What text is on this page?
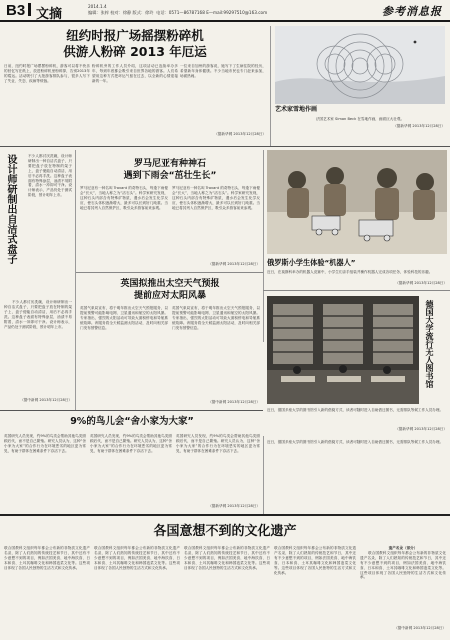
B3 文摘
2014.1.4
编辑：张梓 校对：徐静 版式：徐玲 电话：0571—86787168 E—mail:99297510@163.com	参考消息报
纽约时报广场摇摆粉碎机
供游人粉碎 2013 年厄运
日前，纽约时报广场摆摆粉碎机，游客可以将不快乐的回忆写在纸上，放进粉碎机里粉碎掉，告别2013年的霉运。活动吸引了大批游客排队参与，很多人写下了失业、失恋、疾病等烦恼。
粉碎机旁的工作人员介绍，这项活动已连续举办多年，每到年底都会吸引来自世界各地的游客。人们希望用这种方式把坏运气留在过去，以全新的心情迎接新的一年。
一位来自加州的游客说，她写下了生病住院的经历，希望新年身体健康。不少当地市民也专门赶来参加，场面热闹。
（据新华网 2013年12月28日）
艺术家雪地作画
法国艺术家 Simon Beck 在雪地作画，画面巨大壮观。
（据新华网 2013年12月28日）
设计师研制出自洁式盘子	不少人都讨厌洗碗，设计师研制出一种自洁式盘子，只要把盘子放在特制的架子上，盘子便能自动清洁，用后不必再手洗。这种盘子表面有特殊涂层，油渍不易附着，清水一冲即可干净。设计师表示，产品仍处于测试阶段，预计明年上市。

不少人都讨厌洗碗，设计师研制出一种自洁式盘子，只要把盘子放在特制的架子上，盘子便能自动清洁，用后不必再手洗。这种盘子表面有特殊涂层，油渍不易附着，清水一冲即可干净。设计师表示，产品仍处于测试阶段，预计明年上市。

（据中新网 2013年12月28日）
罗马尼亚有种神石
遇到下雨会“茁壮生长”
罗马尼亚有一种名叫 Trovant 的奇特石头，每逢下雨便会“长大”，当地人称之为“活石头”。科学家研究发现，这种石头内部含有特殊矿物质，遇水后会发生化学反应，使石头体积逐渐增大，最多可以长到好几吨重。当地已将其列入自然保护区，吸引众多游客前来参观。
罗马尼亚有一种名叫 Trovant 的奇特石头，每逢下雨便会“长大”，当地人称之为“活石头”。科学家研究发现，这种石头内部含有特殊矿物质，遇水后会发生化学反应，使石头体积逐渐增大，最多可以长到好几吨重。当地已将其列入自然保护区，吸引众多游客前来参观。
（据新华网 2013年12月28日） 俄罗斯小学生体验“机器人”
近日，在莫斯科举办的机器人竞赛中，小学生们亲手组装并操作机器人完成各项任务，体验科技的乐趣。
（据新华网 2013年12月28日）
英国拟推出太空天气预报
提前应对太阳风暴
英国气象局宣布，将于明年推出太空天气预报服务，以提前预警可能影响电网、卫星通讯和航空的太阳风暴。专家指出，强烈的太阳活动可导致大面积停电和导航系统故障。该服务将全天候监测太阳活动，及时向相关部门发布预警信息。
英国气象局宣布，将于明年推出太空天气预报服务，以提前预警可能影响电网、卫星通讯和航空的太阳风暴。专家指出，强烈的太阳活动可导致大面积停电和导航系统故障。该服务将全天候监测太阳活动，及时向相关部门发布预警信息。
（据中新网 2013年12月28日）
德国大学流行无人图书馆
近日，德国多座大学的图书馆引入新的借阅方式，读者可随时进入自助借还图书，无需排队等候工作人员办理。
（据新华网 2013年12月28日）
9%的鸟儿会“舍小家为大家”
英国研究人员发现，约9%的鸟类会帮助其他鸟类照顾后代，而不是自己繁殖。研究人员认为，这种“舍小家为大家”的合作行为在环境恶劣的地区更为常见，有助于群体在困难条件下存活下去。
英国研究人员发现，约9%的鸟类会帮助其他鸟类照顾后代，而不是自己繁殖。研究人员认为，这种“舍小家为大家”的合作行为在环境恶劣的地区更为常见，有助于群体在困难条件下存活下去。
英国研究人员发现，约9%的鸟类会帮助其他鸟类照顾后代，而不是自己繁殖。研究人员认为，这种“舍小家为大家”的合作行为在环境恶劣的地区更为常见，有助于群体在困难条件下存活下去。
（据新华网 2013年12月28日）
近日，德国多座大学的图书馆引入新的借阅方式，读者可随时进入自助借还图书，无需排队等候工作人员办理。
各国意想不到的文化遗产
联合国教科文组织每年都会公布新的非物质文化遗产名录，除了人们熟知的传统技艺和节日，其中还有不少意想不到的项目，例如法国美食、地中海饮食、日本和食、土耳其咖啡文化和韩国泡菜文化等。这些项目体现了各国人民独特的生活方式和文化传承。
联合国教科文组织每年都会公布新的非物质文化遗产名录，除了人们熟知的传统技艺和节日，其中还有不少意想不到的项目，例如法国美食、地中海饮食、日本和食、土耳其咖啡文化和韩国泡菜文化等。这些项目体现了各国人民独特的生活方式和文化传承。
联合国教科文组织每年都会公布新的非物质文化遗产名录，除了人们熟知的传统技艺和节日，其中还有不少意想不到的项目，例如法国美食、地中海饮食、日本和食、土耳其咖啡文化和韩国泡菜文化等。这些项目体现了各国人民独特的生活方式和文化传承。
联合国教科文组织每年都会公布新的非物质文化遗产名录，除了人们熟知的传统技艺和节日，其中还有不少意想不到的项目，例如法国美食、地中海饮食、日本和食、土耳其咖啡文化和韩国泡菜文化等。这些项目体现了各国人民独特的生活方式和文化传承。
遗产名录（部分）

联合国教科文组织每年都会公布新的非物质文化遗产名录，除了人们熟知的传统技艺和节日，其中还有不少意想不到的项目，例如法国美食、地中海饮食、日本和食、土耳其咖啡文化和韩国泡菜文化等。这些项目体现了各国人民独特的生活方式和文化传承。

（据中新网 2013年12月28日）
